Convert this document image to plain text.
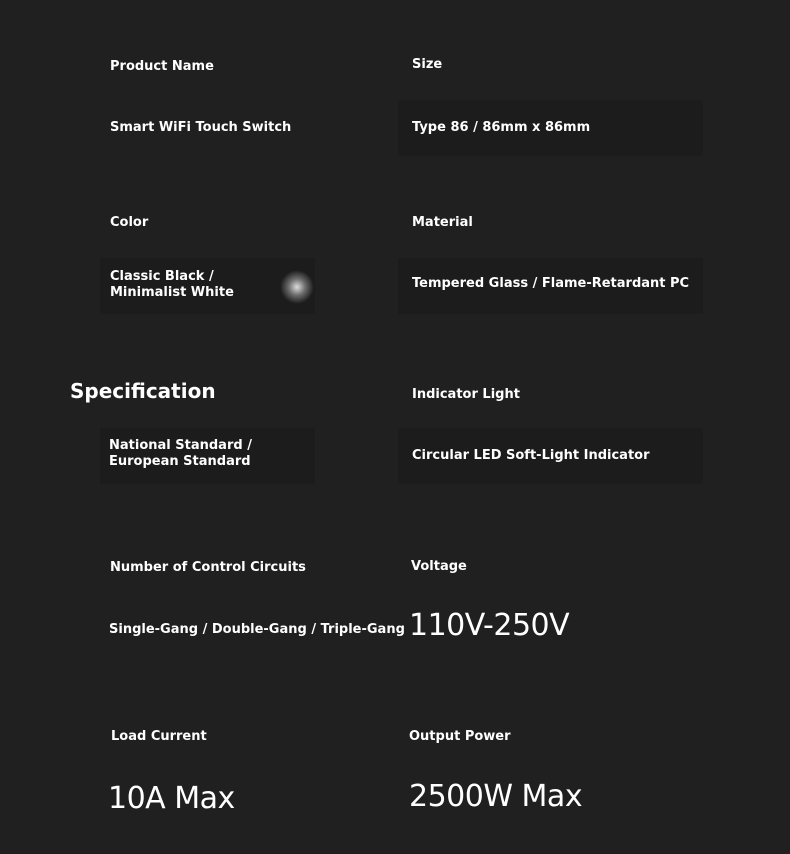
Product Name
Smart WiFi Touch Switch
Size
Type 86 / 86mm x 86mm
Color
Classic Black / Minimalist White
Material
Tempered Glass / Flame-Retardant PC
Specification
National Standard / European Standard
Indicator Light
Circular LED Soft-Light Indicator
Number of Control Circuits
Single-Gang / Double-Gang / Triple-Gang
Voltage
110V-250V
Load Current
10A Max
Output Power
2500W Max
